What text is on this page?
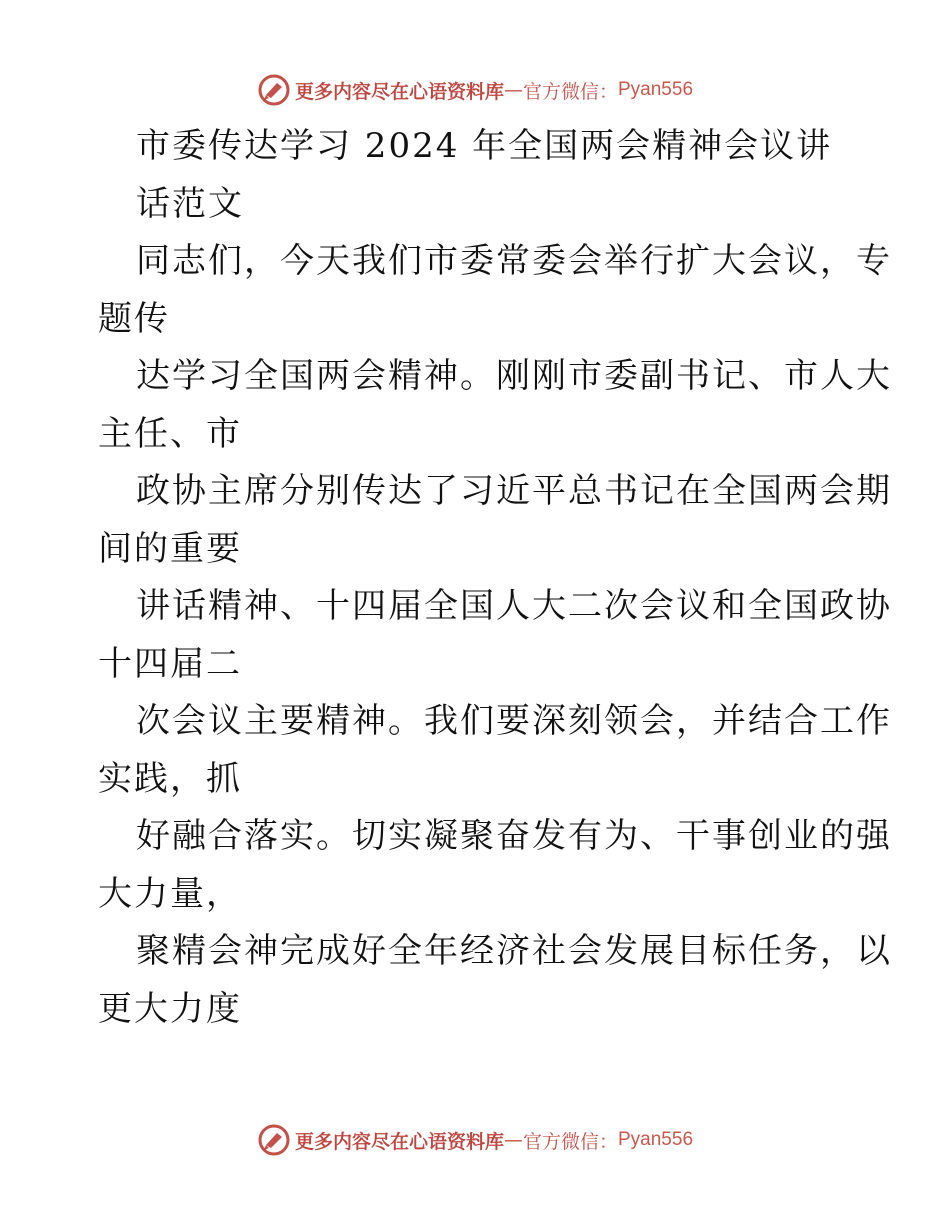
更多内容尽在心语资料库 — 官方微信： Pyan556
市委传达学习 2024 年全国两会精神会议讲
话范文
同志们，今天我们市委常委会举行扩大会议，专
题传
达学习全国两会精神。刚刚市委副书记、市人大
主任、市
政协主席分别传达了习近平总书记在全国两会期
间的重要
讲话精神、十四届全国人大二次会议和全国政协
十四届二
次会议主要精神。我们要深刻领会，并结合工作
实践，抓
好融合落实。切实凝聚奋发有为、干事创业的强
大力量，
聚精会神完成好全年经济社会发展目标任务，以
更大力度
更多内容尽在心语资料库 — 官方微信： Pyan556
